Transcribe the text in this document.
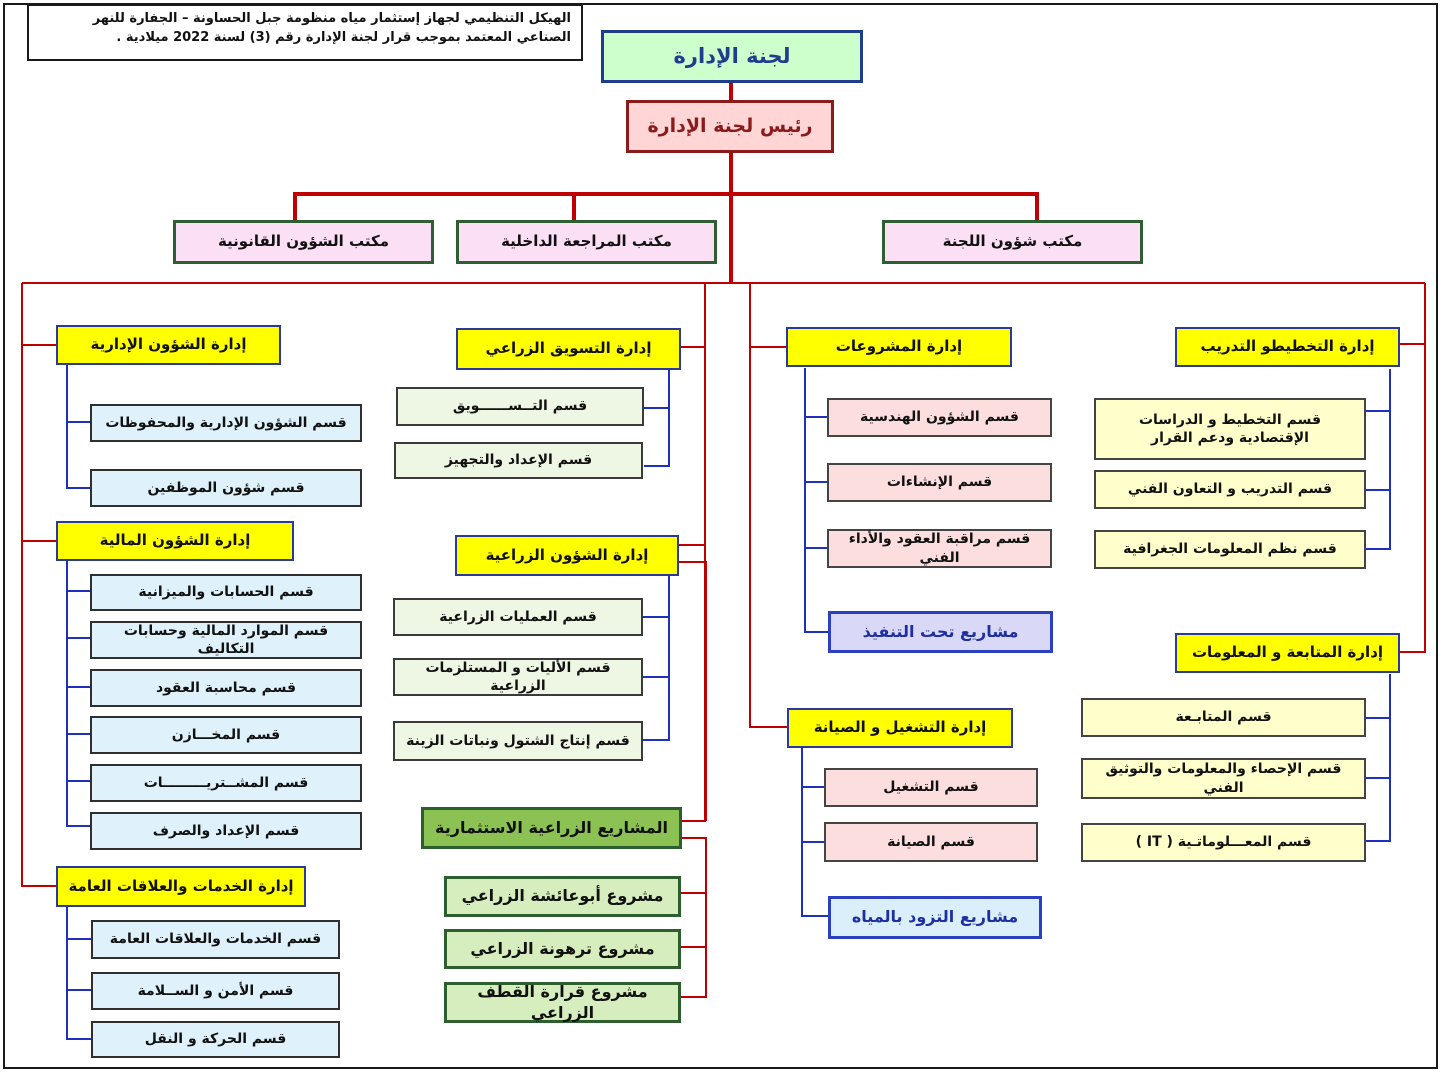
الهيكل التنظيمي لجهاز إستثمار مياه منظومة جبل الحساونة – الجفارة للنهر الصناعي المعتمد بموجب قرار لجنة الإدارة رقم (3) لسنة 2022 ميلادية .
لجنة الإدارة
رئيس لجنة الإدارة
مكتب شؤون اللجنة
مكتب المراجعة الداخلية
مكتب الشؤون القانونية
إدارة التخطيطو التدريب
قسم التخطيط و الدراسات الإقتصادية ودعم القرار
قسم التدريب و التعاون الفني
قسم نظم المعلومات الجغرافية
إدارة المتابعة و المعلومات
قسم المتابـعة
قسم الإحصاء والمعلومات والتوثيق الفني
قسم المعـــلوماتـية ( IT )
إدارة المشروعات
قسم الشؤون الهندسية
قسم الإنشاءات
قسم مراقبة العقود والأداء الفني
مشاريع تحت التنفيذ
إدارة التشغيل و الصيانة
قسم التشغيل
قسم الصيانة
مشاريع التزود بالمياه
إدارة التسويق الزراعي
قسم التــســــــويق
قسم الإعداد والتجهيز
إدارة الشؤون الزراعية
قسم العمليات الزراعية
قسم الأليات و المستلزمات الزراعية
قسم إنتاج الشتول ونباتات الزينة
المشاريع الزراعية الاستثمارية
مشروع أبوعائشة الزراعي
مشروع ترهونة الزراعي
مشروع قرارة القطف الزراعي
إدارة الشؤون الإدارية
قسم الشؤون الإدارية والمحفوظات
قسم شؤون الموظفين
إدارة الشؤون المالية
قسم الحسابات والميزانية
قسم الموارد المالية وحسابات التكاليف
قسم محاسبة العقود
قسم المخـــازن
قسم المشــتريـــــــــات
قسم الإعداد والصرف
إدارة الخدمات والعلاقات العامة
قسم الخدمات والعلاقات العامة
قسم الأمن و الســلامة
قسم الحركة و النقل
